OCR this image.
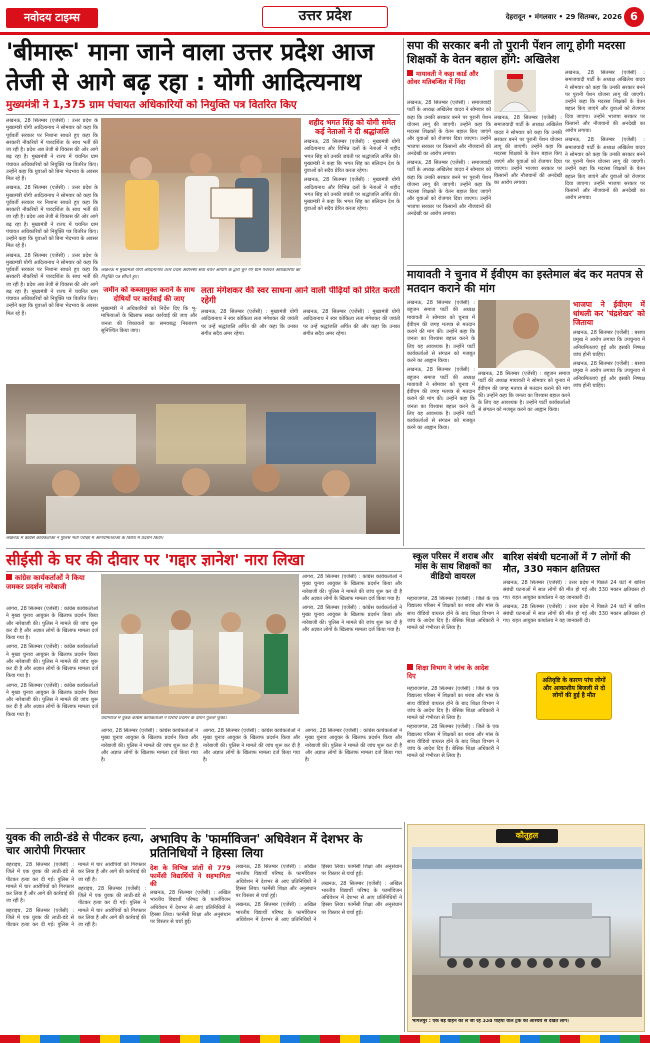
नवोदय टाइम्स	उत्तर प्रदेश	देहरादून • मंगलवार • 29 सितम्बर, 2026 6
'बीमारू' माना जाने वाला उत्तर प्रदेश आज
तेजी से आगे बढ़ रहा : योगी आदित्यनाथ
मुख्यमंत्री ने 1,375 ग्राम पंचायत अधिकारियों को नियुक्ति पत्र वितरित किए

लखनऊ, 28 सितम्बर (एजेंसी) : उत्तर प्रदेश के मुख्यमंत्री योगी आदित्यनाथ ने सोमवार को कहा कि पूर्ववर्ती सरकार पर निशाना साधते हुए कहा कि सरकारी नौकरियों में पारदर्शिता के साथ भर्ती की जा रही है। प्रदेश अब तेजी से विकास की ओर आगे बढ़ रहा है। मुख्यमंत्री ने राज्य में चयनित ग्राम पंचायत अधिकारियों को नियुक्ति पत्र वितरित किए। उन्होंने कहा कि युवाओं को बिना भेदभाव के अवसर मिल रहे हैं।

लखनऊ, 28 सितम्बर (एजेंसी) : उत्तर प्रदेश के मुख्यमंत्री योगी आदित्यनाथ ने सोमवार को कहा कि पूर्ववर्ती सरकार पर निशाना साधते हुए कहा कि सरकारी नौकरियों में पारदर्शिता के साथ भर्ती की जा रही है। प्रदेश अब तेजी से विकास की ओर आगे बढ़ रहा है। मुख्यमंत्री ने राज्य में चयनित ग्राम पंचायत अधिकारियों को नियुक्ति पत्र वितरित किए। उन्होंने कहा कि युवाओं को बिना भेदभाव के अवसर मिल रहे हैं।

लखनऊ, 28 सितम्बर (एजेंसी) : उत्तर प्रदेश के मुख्यमंत्री योगी आदित्यनाथ ने सोमवार को कहा कि पूर्ववर्ती सरकार पर निशाना साधते हुए कहा कि सरकारी नौकरियों में पारदर्शिता के साथ भर्ती की जा रही है। प्रदेश अब तेजी से विकास की ओर आगे बढ़ रहा है। मुख्यमंत्री ने राज्य में चयनित ग्राम पंचायत अधिकारियों को नियुक्ति पत्र वितरित किए। उन्होंने कहा कि युवाओं को बिना भेदभाव के अवसर मिल रहे हैं।

शहीद भगत सिंह को योगी समेत कई नेताओं ने दी श्रद्धांजलि

लखनऊ, 28 सितम्बर (एजेंसी) : मुख्यमंत्री योगी आदित्यनाथ और विभिन्न दलों के नेताओं ने शहीद भगत सिंह को उनकी जयंती पर श्रद्धांजलि अर्पित की। मुख्यमंत्री ने कहा कि भगत सिंह का बलिदान देश के युवाओं को सदैव प्रेरित करता रहेगा।

लखनऊ, 28 सितम्बर (एजेंसी) : मुख्यमंत्री योगी आदित्यनाथ और विभिन्न दलों के नेताओं ने शहीद भगत सिंह को उनकी जयंती पर श्रद्धांजलि अर्पित की। मुख्यमंत्री ने कहा कि भगत सिंह का बलिदान देश के युवाओं को सदैव प्रेरित करता रहेगा।

लखनऊ में मुख्यमंत्री योगी आदित्यनाथ उत्तर प्रदेश अधीनस्थ सेवा चयन आयोग के द्वारा चुने गए ग्राम पंचायत अधिकारियों को नियुक्ति पत्र सौंपते हुए।
जमीन को कब्जामुक्त कराने के साथ दोषियों पर कार्रवाई की जाए

मुख्यमंत्री ने अधिकारियों को निर्देश दिए कि भू-माफियाओं के खिलाफ सख्त कार्रवाई की जाए और जनता की शिकायतों का समयबद्ध निस्तारण सुनिश्चित किया जाए।

लता मंगेशकर की स्वर साधना आने वाली पीढ़ियों को प्रेरित करती रहेगी

लखनऊ, 28 सितम्बर (एजेंसी) : मुख्यमंत्री योगी आदित्यनाथ ने स्वर कोकिला लता मंगेशकर की जयंती पर उन्हें श्रद्धांजलि अर्पित की और कहा कि उनका संगीत सदैव अमर रहेगा।

लखनऊ, 28 सितम्बर (एजेंसी) : मुख्यमंत्री योगी आदित्यनाथ ने स्वर कोकिला लता मंगेशकर की जयंती पर उन्हें श्रद्धांजलि अर्पित की और कहा कि उनका संगीत सदैव अमर रहेगा।

लखनऊ में कांग्रेस कार्यकर्ताओं ने पुलिस भर्ती परीक्षा में अनियमितताओं के विरोध में प्रदर्शन किया।
सपा की सरकार बनी तो पुरानी पेंशन लागू होगी मदरसा शिक्षकों के वेतन बहाल होंगे: अखिलेश
मायावती ने कहा कार्ड और ओवर मतिबन्धित में निंदा

लखनऊ, 28 सितम्बर (एजेंसी) : समाजवादी पार्टी के अध्यक्ष अखिलेश यादव ने सोमवार को कहा कि उनकी सरकार बनने पर पुरानी पेंशन योजना लागू की जाएगी। उन्होंने कहा कि मदरसा शिक्षकों के वेतन बहाल किए जाएंगे और युवाओं को रोजगार दिया जाएगा। उन्होंने भाजपा सरकार पर किसानों और नौजवानों की अनदेखी का आरोप लगाया।

लखनऊ, 28 सितम्बर (एजेंसी) : समाजवादी पार्टी के अध्यक्ष अखिलेश यादव ने सोमवार को कहा कि उनकी सरकार बनने पर पुरानी पेंशन योजना लागू की जाएगी। उन्होंने कहा कि मदरसा शिक्षकों के वेतन बहाल किए जाएंगे और युवाओं को रोजगार दिया जाएगा। उन्होंने भाजपा सरकार पर किसानों और नौजवानों की अनदेखी का आरोप लगाया।

लखनऊ, 28 सितम्बर (एजेंसी) : समाजवादी पार्टी के अध्यक्ष अखिलेश यादव ने सोमवार को कहा कि उनकी सरकार बनने पर पुरानी पेंशन योजना लागू की जाएगी। उन्होंने कहा कि मदरसा शिक्षकों के वेतन बहाल किए जाएंगे और युवाओं को रोजगार दिया जाएगा। उन्होंने भाजपा सरकार पर किसानों और नौजवानों की अनदेखी का आरोप लगाया।

लखनऊ, 28 सितम्बर (एजेंसी) : समाजवादी पार्टी के अध्यक्ष अखिलेश यादव ने सोमवार को कहा कि उनकी सरकार बनने पर पुरानी पेंशन योजना लागू की जाएगी। उन्होंने कहा कि मदरसा शिक्षकों के वेतन बहाल किए जाएंगे और युवाओं को रोजगार दिया जाएगा। उन्होंने भाजपा सरकार पर किसानों और नौजवानों की अनदेखी का आरोप लगाया।

लखनऊ, 28 सितम्बर (एजेंसी) : समाजवादी पार्टी के अध्यक्ष अखिलेश यादव ने सोमवार को कहा कि उनकी सरकार बनने पर पुरानी पेंशन योजना लागू की जाएगी। उन्होंने कहा कि मदरसा शिक्षकों के वेतन बहाल किए जाएंगे और युवाओं को रोजगार दिया जाएगा। उन्होंने भाजपा सरकार पर किसानों और नौजवानों की अनदेखी का आरोप लगाया।

मायावती ने चुनाव में ईवीएम का इस्तेमाल बंद कर मतपत्र से मतदान कराने की मांग

लखनऊ, 28 सितम्बर (एजेंसी) : बहुजन समाज पार्टी की अध्यक्ष मायावती ने सोमवार को चुनाव में ईवीएम की जगह मतपत्र से मतदान कराने की मांग की। उन्होंने कहा कि जनता का विश्वास बहाल करने के लिए यह आवश्यक है। उन्होंने पार्टी कार्यकर्ताओं से संगठन को मजबूत करने का आह्वान किया।

लखनऊ, 28 सितम्बर (एजेंसी) : बहुजन समाज पार्टी की अध्यक्ष मायावती ने सोमवार को चुनाव में ईवीएम की जगह मतपत्र से मतदान कराने की मांग की। उन्होंने कहा कि जनता का विश्वास बहाल करने के लिए यह आवश्यक है। उन्होंने पार्टी कार्यकर्ताओं से संगठन को मजबूत करने का आह्वान किया।

लखनऊ, 28 सितम्बर (एजेंसी) : बहुजन समाज पार्टी की अध्यक्ष मायावती ने सोमवार को चुनाव में ईवीएम की जगह मतपत्र से मतदान कराने की मांग की। उन्होंने कहा कि जनता का विश्वास बहाल करने के लिए यह आवश्यक है। उन्होंने पार्टी कार्यकर्ताओं से संगठन को मजबूत करने का आह्वान किया।

भाजपा ने ईवीएम में धांधली कर 'चंद्रशेखर' को जिताया

लखनऊ, 28 सितम्बर (एजेंसी) : बसपा प्रमुख ने आरोप लगाया कि उपचुनाव में अनियमितताएं हुईं और इसकी निष्पक्ष जांच होनी चाहिए।

लखनऊ, 28 सितम्बर (एजेंसी) : बसपा प्रमुख ने आरोप लगाया कि उपचुनाव में अनियमितताएं हुईं और इसकी निष्पक्ष जांच होनी चाहिए।

स्कूल परिसर में शराब और मांस के साथ शिक्षकों का वीडियो वायरल

महाराजगंज, 28 सितम्बर (एजेंसी) : जिले के एक विद्यालय परिसर में शिक्षकों का शराब और मांस के साथ वीडियो वायरल होने के बाद शिक्षा विभाग ने जांच के आदेश दिए हैं। बेसिक शिक्षा अधिकारी ने मामले को गंभीरता से लिया है।

शिक्षा विभाग ने जांच के आदेश दिए

महाराजगंज, 28 सितम्बर (एजेंसी) : जिले के एक विद्यालय परिसर में शिक्षकों का शराब और मांस के साथ वीडियो वायरल होने के बाद शिक्षा विभाग ने जांच के आदेश दिए हैं। बेसिक शिक्षा अधिकारी ने मामले को गंभीरता से लिया है।

महाराजगंज, 28 सितम्बर (एजेंसी) : जिले के एक विद्यालय परिसर में शिक्षकों का शराब और मांस के साथ वीडियो वायरल होने के बाद शिक्षा विभाग ने जांच के आदेश दिए हैं। बेसिक शिक्षा अधिकारी ने मामले को गंभीरता से लिया है।

बारिश संबंधी घटनाओं में 7 लोगों की मौत, 330 मकान क्षतिग्रस्त

लखनऊ, 28 सितम्बर (एजेंसी) : उत्तर प्रदेश में पिछले 24 घंटों में बारिश संबंधी घटनाओं में सात लोगों की मौत हो गई और 330 मकान क्षतिग्रस्त हो गए। राहत आयुक्त कार्यालय ने यह जानकारी दी।

लखनऊ, 28 सितम्बर (एजेंसी) : उत्तर प्रदेश में पिछले 24 घंटों में बारिश संबंधी घटनाओं में सात लोगों की मौत हो गई और 330 मकान क्षतिग्रस्त हो गए। राहत आयुक्त कार्यालय ने यह जानकारी दी।

अतिवृष्टि के कारण पांच लोगों और आकाशीय बिजली से दो लोगों की हुई है मौत
सीईसी के घर की दीवार पर 'गद्दार ज्ञानेश' नारा लिखा
कांग्रेस कार्यकर्ताओं ने किया जमकर प्रदर्शन नारेबाजी

आगरा, 28 सितम्बर (एजेंसी) : कांग्रेस कार्यकर्ताओं ने मुख्य चुनाव आयुक्त के खिलाफ प्रदर्शन किया और नारेबाजी की। पुलिस ने मामले की जांच शुरू कर दी है और अज्ञात लोगों के खिलाफ मामला दर्ज किया गया है।

आगरा, 28 सितम्बर (एजेंसी) : कांग्रेस कार्यकर्ताओं ने मुख्य चुनाव आयुक्त के खिलाफ प्रदर्शन किया और नारेबाजी की। पुलिस ने मामले की जांच शुरू कर दी है और अज्ञात लोगों के खिलाफ मामला दर्ज किया गया है।

आगरा, 28 सितम्बर (एजेंसी) : कांग्रेस कार्यकर्ताओं ने मुख्य चुनाव आयुक्त के खिलाफ प्रदर्शन किया और नारेबाजी की। पुलिस ने मामले की जांच शुरू कर दी है और अज्ञात लोगों के खिलाफ मामला दर्ज किया गया है।

आगरा, 28 सितम्बर (एजेंसी) : कांग्रेस कार्यकर्ताओं ने मुख्य चुनाव आयुक्त के खिलाफ प्रदर्शन किया और नारेबाजी की। पुलिस ने मामले की जांच शुरू कर दी है और अज्ञात लोगों के खिलाफ मामला दर्ज किया गया है।

आगरा, 28 सितम्बर (एजेंसी) : कांग्रेस कार्यकर्ताओं ने मुख्य चुनाव आयुक्त के खिलाफ प्रदर्शन किया और नारेबाजी की। पुलिस ने मामले की जांच शुरू कर दी है और अज्ञात लोगों के खिलाफ मामला दर्ज किया गया है।

प्रयागराज में युवक कांग्रेस कार्यकर्ताओं ने विरोध प्रदर्शन के दौरान पुतला फूंका।

आगरा, 28 सितम्बर (एजेंसी) : कांग्रेस कार्यकर्ताओं ने मुख्य चुनाव आयुक्त के खिलाफ प्रदर्शन किया और नारेबाजी की। पुलिस ने मामले की जांच शुरू कर दी है और अज्ञात लोगों के खिलाफ मामला दर्ज किया गया है।

आगरा, 28 सितम्बर (एजेंसी) : कांग्रेस कार्यकर्ताओं ने मुख्य चुनाव आयुक्त के खिलाफ प्रदर्शन किया और नारेबाजी की। पुलिस ने मामले की जांच शुरू कर दी है और अज्ञात लोगों के खिलाफ मामला दर्ज किया गया है।

आगरा, 28 सितम्बर (एजेंसी) : कांग्रेस कार्यकर्ताओं ने मुख्य चुनाव आयुक्त के खिलाफ प्रदर्शन किया और नारेबाजी की। पुलिस ने मामले की जांच शुरू कर दी है और अज्ञात लोगों के खिलाफ मामला दर्ज किया गया है।

युवक की लाठी-डंडे से पीटकर हत्या, चार आरोपी गिरफ्तार

बहराइच, 28 सितम्बर (एजेंसी) : जिले में एक युवक की लाठी-डंडे से पीटकर हत्या कर दी गई। पुलिस ने मामले में चार आरोपियों को गिरफ्तार कर लिया है और आगे की कार्रवाई की जा रही है।

बहराइच, 28 सितम्बर (एजेंसी) : जिले में एक युवक की लाठी-डंडे से पीटकर हत्या कर दी गई। पुलिस ने मामले में चार आरोपियों को गिरफ्तार कर लिया है और आगे की कार्रवाई की जा रही है।

बहराइच, 28 सितम्बर (एजेंसी) : जिले में एक युवक की लाठी-डंडे से पीटकर हत्या कर दी गई। पुलिस ने मामले में चार आरोपियों को गिरफ्तार कर लिया है और आगे की कार्रवाई की जा रही है।

अभाविप के 'फार्माविजन' अधिवेशन में देशभर के प्रतिनिधियों ने हिस्सा लिया
देश के विभिन्न प्रांतों से 779 फार्मेसी विद्यार्थियों ने सहभागिता की

लखनऊ, 28 सितम्बर (एजेंसी) : अखिल भारतीय विद्यार्थी परिषद के फार्माविजन अधिवेशन में देशभर से आए प्रतिनिधियों ने हिस्सा लिया। फार्मेसी शिक्षा और अनुसंधान पर विस्तार से चर्चा हुई।

लखनऊ, 28 सितम्बर (एजेंसी) : अखिल भारतीय विद्यार्थी परिषद के फार्माविजन अधिवेशन में देशभर से आए प्रतिनिधियों ने हिस्सा लिया। फार्मेसी शिक्षा और अनुसंधान पर विस्तार से चर्चा हुई।

लखनऊ, 28 सितम्बर (एजेंसी) : अखिल भारतीय विद्यार्थी परिषद के फार्माविजन अधिवेशन में देशभर से आए प्रतिनिधियों ने हिस्सा लिया। फार्मेसी शिक्षा और अनुसंधान पर विस्तार से चर्चा हुई।

लखनऊ, 28 सितम्बर (एजेंसी) : अखिल भारतीय विद्यार्थी परिषद के फार्माविजन अधिवेशन में देशभर से आए प्रतिनिधियों ने हिस्सा लिया। फार्मेसी शिक्षा और अनुसंधान पर विस्तार से चर्चा हुई।

कौतूहल
भागलपुर : एक बड़े वाहन को ले जा रहे 338 पहियों वाले ट्रक को आश्चर्य से देखते लोग।
